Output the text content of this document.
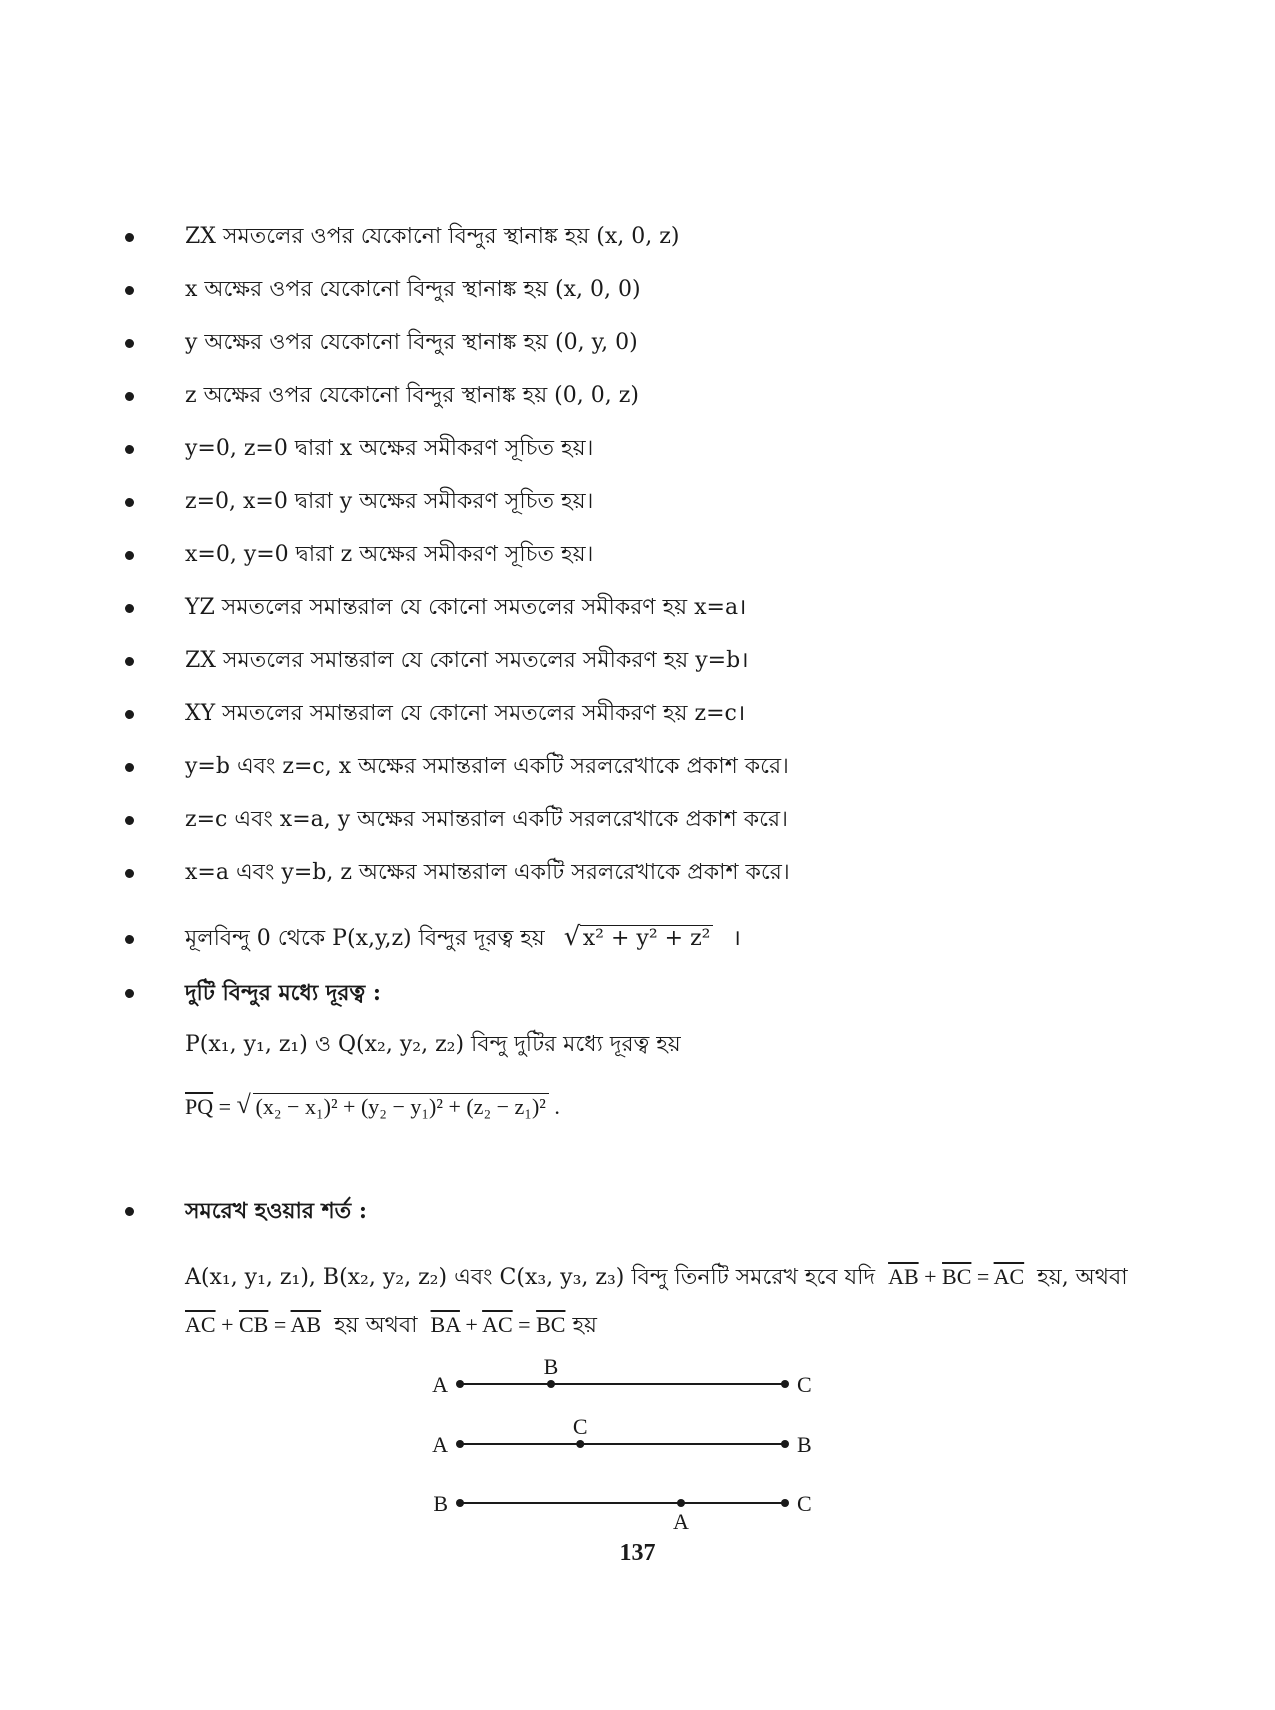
ZX সমতলের ওপর যেকোনো বিন্দুর স্থানাঙ্ক হয় (x, 0, z)
x অক্ষের ওপর যেকোনো বিন্দুর স্থানাঙ্ক হয় (x, 0, 0)
y অক্ষের ওপর যেকোনো বিন্দুর স্থানাঙ্ক হয় (0, y, 0)
z অক্ষের ওপর যেকোনো বিন্দুর স্থানাঙ্ক হয় (0, 0, z)
y=0, z=0 দ্বারা x অক্ষের সমীকরণ সূচিত হয়।
z=0, x=0 দ্বারা y অক্ষের সমীকরণ সূচিত হয়।
x=0, y=0 দ্বারা z অক্ষের সমীকরণ সূচিত হয়।
YZ সমতলের সমান্তরাল যে কোনো সমতলের সমীকরণ হয় x=a।
ZX সমতলের সমান্তরাল যে কোনো সমতলের সমীকরণ হয় y=b।
XY সমতলের সমান্তরাল যে কোনো সমতলের সমীকরণ হয় z=c।
y=b এবং z=c, x অক্ষের সমান্তরাল একটি সরলরেখাকে প্রকাশ করে।
z=c এবং x=a, y অক্ষের সমান্তরাল একটি সরলরেখাকে প্রকাশ করে।
x=a এবং y=b, z অক্ষের সমান্তরাল একটি সরলরেখাকে প্রকাশ করে।
মূলবিন্দু 0 থেকে P(x,y,z) বিন্দুর দূরত্ব হয় √ x² + y² + z² ।
দুটি বিন্দুর মধ্যে দূরত্ব :
P(x₁, y₁, z₁) ও Q(x₂, y₂, z₂) বিন্দু দুটির মধ্যে দূরত্ব হয়
$\overline{PQ}$ = √ (x₂ − x₁)² + (y₂ − y₁)² + (z₂ − z₁)² .
সমরেখ হওয়ার শর্ত :
A(x₁, y₁, z₁), B(x₂, y₂, z₂) এবং C(x₃, y₃, z₃) বিন্দু তিনটি সমরেখ হবে যদি $\overline{AB} + \overline{BC} = \overline{AC}$ হয়, অথবা
$\overline{AC} + \overline{CB} = \overline{AB}$ হয় অথবা $\overline{BA} + \overline{AC} = \overline{BC}$ হয়
A	C
B
A	B
C
B	C
A
137
